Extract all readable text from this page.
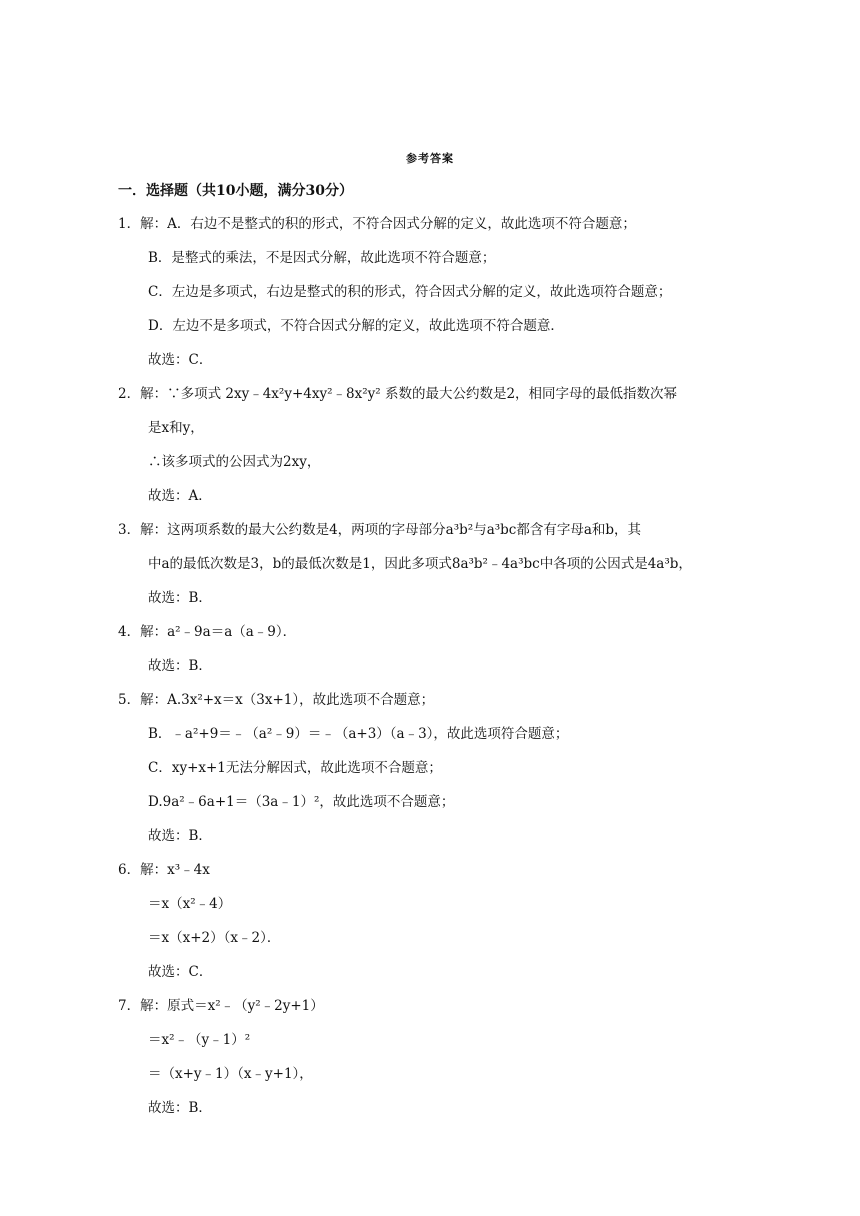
参考答案
一．选择题（共10小题，满分30分）
1．解：A．右边不是整式的积的形式，不符合因式分解的定义，故此选项不符合题意；
B．是整式的乘法，不是因式分解，故此选项不符合题意；
C．左边是多项式，右边是整式的积的形式，符合因式分解的定义，故此选项符合题意；
D．左边不是多项式，不符合因式分解的定义，故此选项不符合题意．
故选：C．
2．解：∵多项式 2xy﹣4x²y+4xy²﹣8x²y² 系数的最大公约数是2，相同字母的最低指数次幂
是x和y，
∴该多项式的公因式为2xy，
故选：A．
3．解：这两项系数的最大公约数是4，两项的字母部分a³b²与a³bc都含有字母a和b，其
中a的最低次数是3，b的最低次数是1，因此多项式8a³b²﹣4a³bc中各项的公因式是4a³b，
故选：B．
4．解：a²﹣9a＝a（a﹣9）．
故选：B．
5．解：A.3x²+x＝x（3x+1），故此选项不合题意；
B．﹣a²+9＝﹣（a²﹣9）＝﹣（a+3）（a﹣3），故此选项符合题意；
C．xy+x+1无法分解因式，故此选项不合题意；
D.9a²﹣6a+1＝（3a﹣1）²，故此选项不合题意；
故选：B．
6．解：x³﹣4x
＝x（x²﹣4）
＝x（x+2）（x﹣2）．
故选：C．
7．解：原式＝x²﹣（y²﹣2y+1）
＝x²﹣（y﹣1）²
＝（x+y﹣1）（x﹣y+1），
故选：B．
